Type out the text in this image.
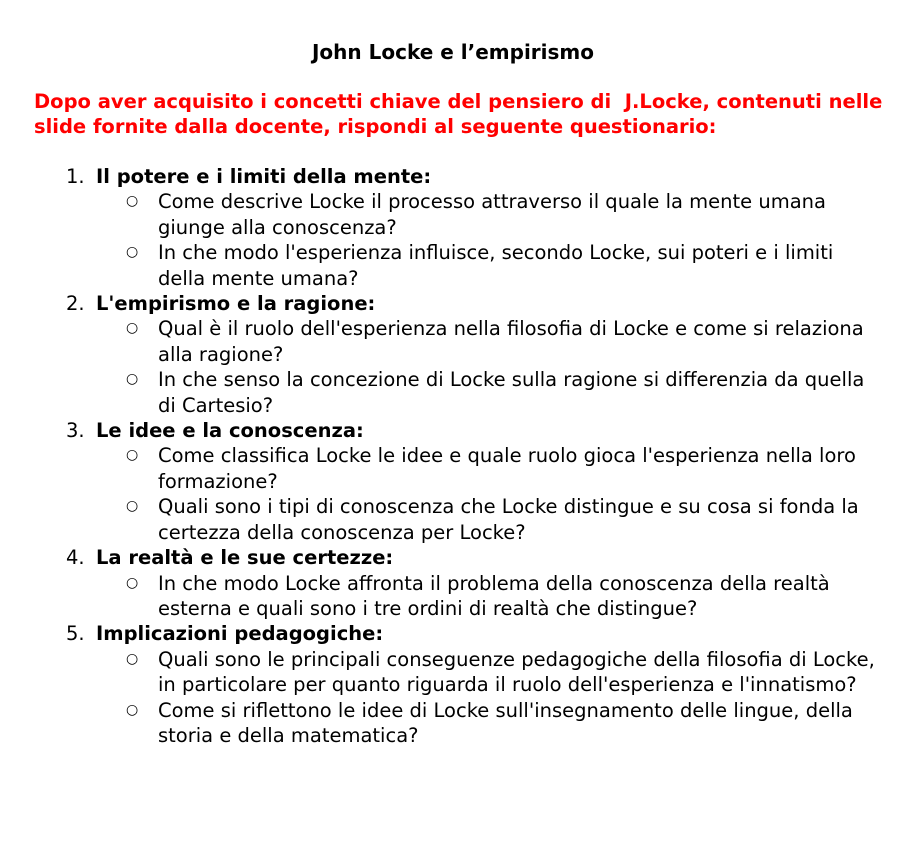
John Locke e l’empirismo

Dopo aver acquisito i concetti chiave del pensiero di  J.Locke, contenuti nelle slide fornite dalla docente, rispondi al seguente questionario:

1. Il potere e i limiti della mente:
○ Come descrive Locke il processo attraverso il quale la mente umana giunge alla conoscenza?
○ In che modo l'esperienza influisce, secondo Locke, sui poteri e i limiti della mente umana?
2. L'empirismo e la ragione:
○ Qual è il ruolo dell'esperienza nella filosofia di Locke e come si relaziona alla ragione?
○ In che senso la concezione di Locke sulla ragione si differenzia da quella di Cartesio?
3. Le idee e la conoscenza:
○ Come classifica Locke le idee e quale ruolo gioca l'esperienza nella loro formazione?
○ Quali sono i tipi di conoscenza che Locke distingue e su cosa si fonda la certezza della conoscenza per Locke?
4. La realtà e le sue certezze:
○ In che modo Locke affronta il problema della conoscenza della realtà esterna e quali sono i tre ordini di realtà che distingue?
5. Implicazioni pedagogiche:
○ Quali sono le principali conseguenze pedagogiche della filosofia di Locke, in particolare per quanto riguarda il ruolo dell'esperienza e l'innatismo?
○ Come si riflettono le idee di Locke sull'insegnamento delle lingue, della storia e della matematica?
